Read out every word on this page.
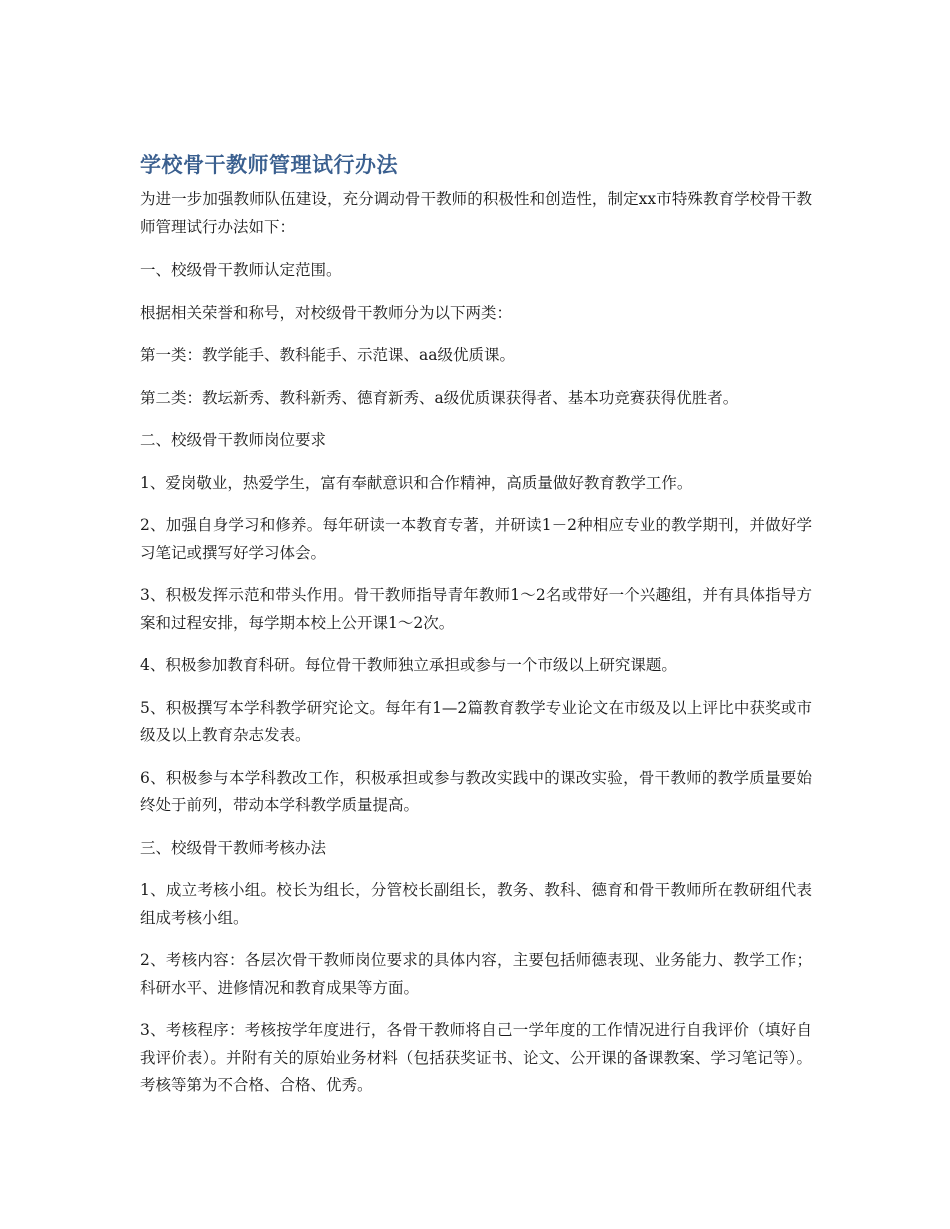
学校骨干教师管理试行办法

为进一步加强教师队伍建设，充分调动骨干教师的积极性和创造性，制定xx市特殊教育学校骨干教师管理试行办法如下：

一、校级骨干教师认定范围。

根据相关荣誉和称号，对校级骨干教师分为以下两类：

第一类：教学能手、教科能手、示范课、aa级优质课。

第二类：教坛新秀、教科新秀、德育新秀、a级优质课获得者、基本功竞赛获得优胜者。

二、校级骨干教师岗位要求

1、爱岗敬业，热爱学生，富有奉献意识和合作精神，高质量做好教育教学工作。

2、加强自身学习和修养。每年研读一本教育专著，并研读1－2种相应专业的教学期刊，并做好学习笔记或撰写好学习体会。

3、积极发挥示范和带头作用。骨干教师指导青年教师1～2名或带好一个兴趣组，并有具体指导方案和过程安排，每学期本校上公开课1～2次。

4、积极参加教育科研。每位骨干教师独立承担或参与一个市级以上研究课题。

5、积极撰写本学科教学研究论文。每年有1—2篇教育教学专业论文在市级及以上评比中获奖或市级及以上教育杂志发表。

6、积极参与本学科教改工作，积极承担或参与教改实践中的课改实验，骨干教师的教学质量要始终处于前列，带动本学科教学质量提高。

三、校级骨干教师考核办法

1、成立考核小组。校长为组长，分管校长副组长，教务、教科、德育和骨干教师所在教研组代表组成考核小组。

2、考核内容：各层次骨干教师岗位要求的具体内容，主要包括师德表现、业务能力、教学工作；科研水平、进修情况和教育成果等方面。

3、考核程序：考核按学年度进行，各骨干教师将自己一学年度的工作情况进行自我评价（填好自我评价表）。并附有关的原始业务材料（包括获奖证书、论文、公开课的备课教案、学习笔记等）。考核等第为不合格、合格、优秀。
